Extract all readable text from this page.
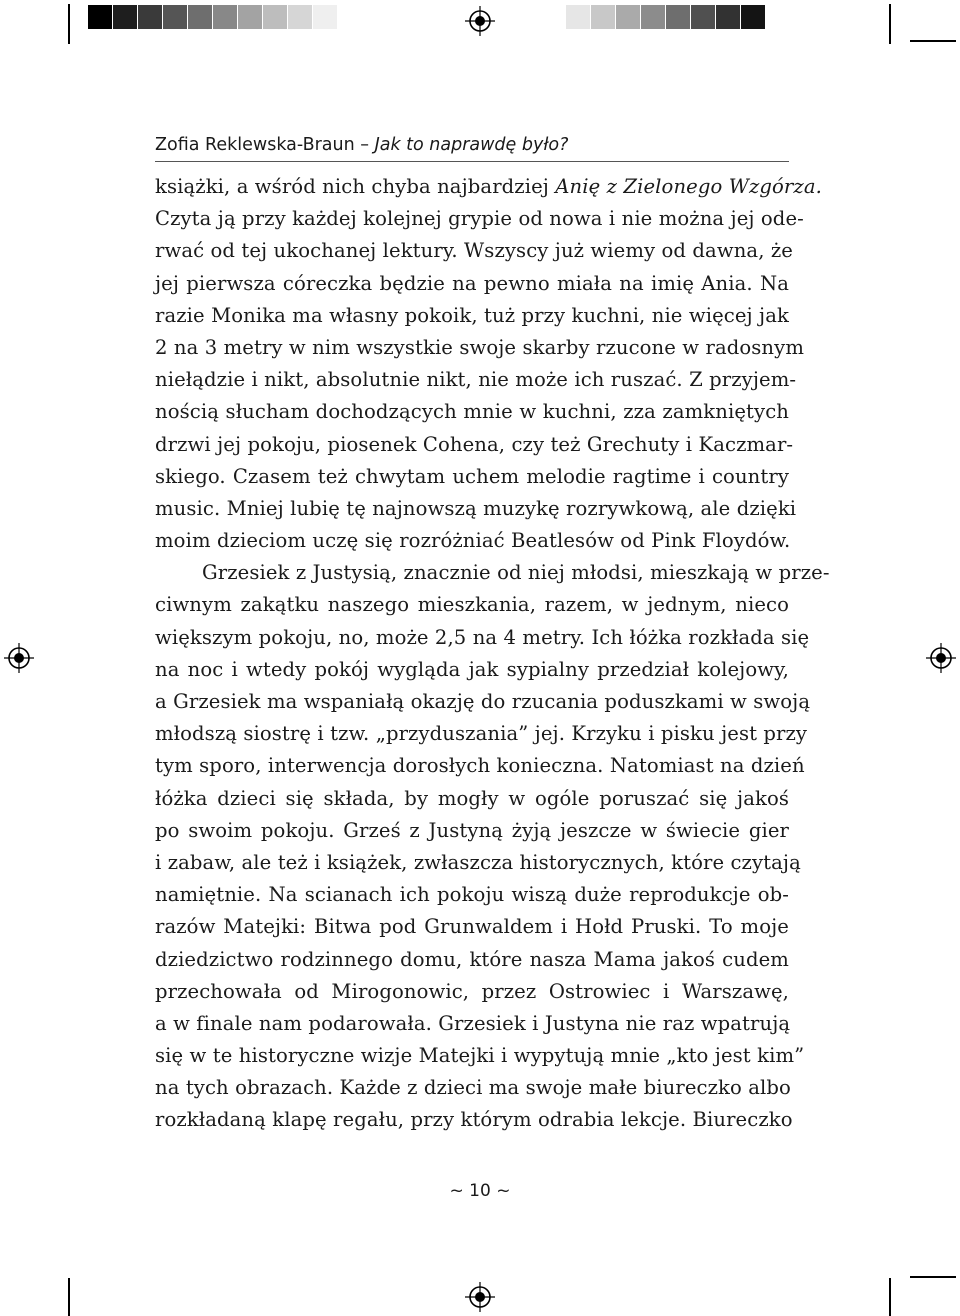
Zofia Reklewska-Braun – Jak to naprawdę było?
książki, a wśród nich chyba najbardziej Anię z Zielonego Wzgórza.
Czyta ją przy każdej kolejnej grypie od nowa i nie można jej ode-
rwać od tej ukochanej lektury. Wszyscy już wiemy od dawna, że
jej pierwsza córeczka będzie na pewno miała na imię Ania. Na
razie Monika ma własny pokoik, tuż przy kuchni, nie więcej jak
2 na 3 metry w nim wszystkie swoje skarby rzucone w radosnym
niełądzie i nikt, absolutnie nikt, nie może ich ruszać. Z przyjem-
nością słucham dochodzących mnie w kuchni, zza zamkniętych
drzwi jej pokoju, piosenek Cohena, czy też Grechuty i Kaczmar-
skiego. Czasem też chwytam uchem melodie ragtime i country
music. Mniej lubię tę najnowszą muzykę rozrywkową, ale dzięki
moim dzieciom uczę się rozróżniać Beatlesów od Pink Floydów.
Grzesiek z Justysią, znacznie od niej młodsi, mieszkają w prze-
ciwnym zakątku naszego mieszkania, razem, w jednym, nieco
większym pokoju, no, może 2,5 na 4 metry. Ich łóżka rozkłada się
na noc i wtedy pokój wygląda jak sypialny przedział kolejowy,
a Grzesiek ma wspaniałą okazję do rzucania poduszkami w swoją
młodszą siostrę i tzw. „przyduszania” jej. Krzyku i pisku jest przy
tym sporo, interwencja dorosłych konieczna. Natomiast na dzień
łóżka dzieci się składa, by mogły w ogóle poruszać się jakoś
po swoim pokoju. Grześ z Justyną żyją jeszcze w świecie gier
i zabaw, ale też i książek, zwłaszcza historycznych, które czytają
namiętnie. Na scianach ich pokoju wiszą duże reprodukcje ob-
razów Matejki: Bitwa pod Grunwaldem i Hołd Pruski. To moje
dziedzictwo rodzinnego domu, które nasza Mama jakoś cudem
przechowała od Mirogonowic, przez Ostrowiec i Warszawę,
a w finale nam podarowała. Grzesiek i Justyna nie raz wpatrują
się w te historyczne wizje Matejki i wypytują mnie „kto jest kim”
na tych obrazach. Każde z dzieci ma swoje małe biureczko albo
rozkładaną klapę regału, przy którym odrabia lekcje. Biureczko
~ 10 ~
